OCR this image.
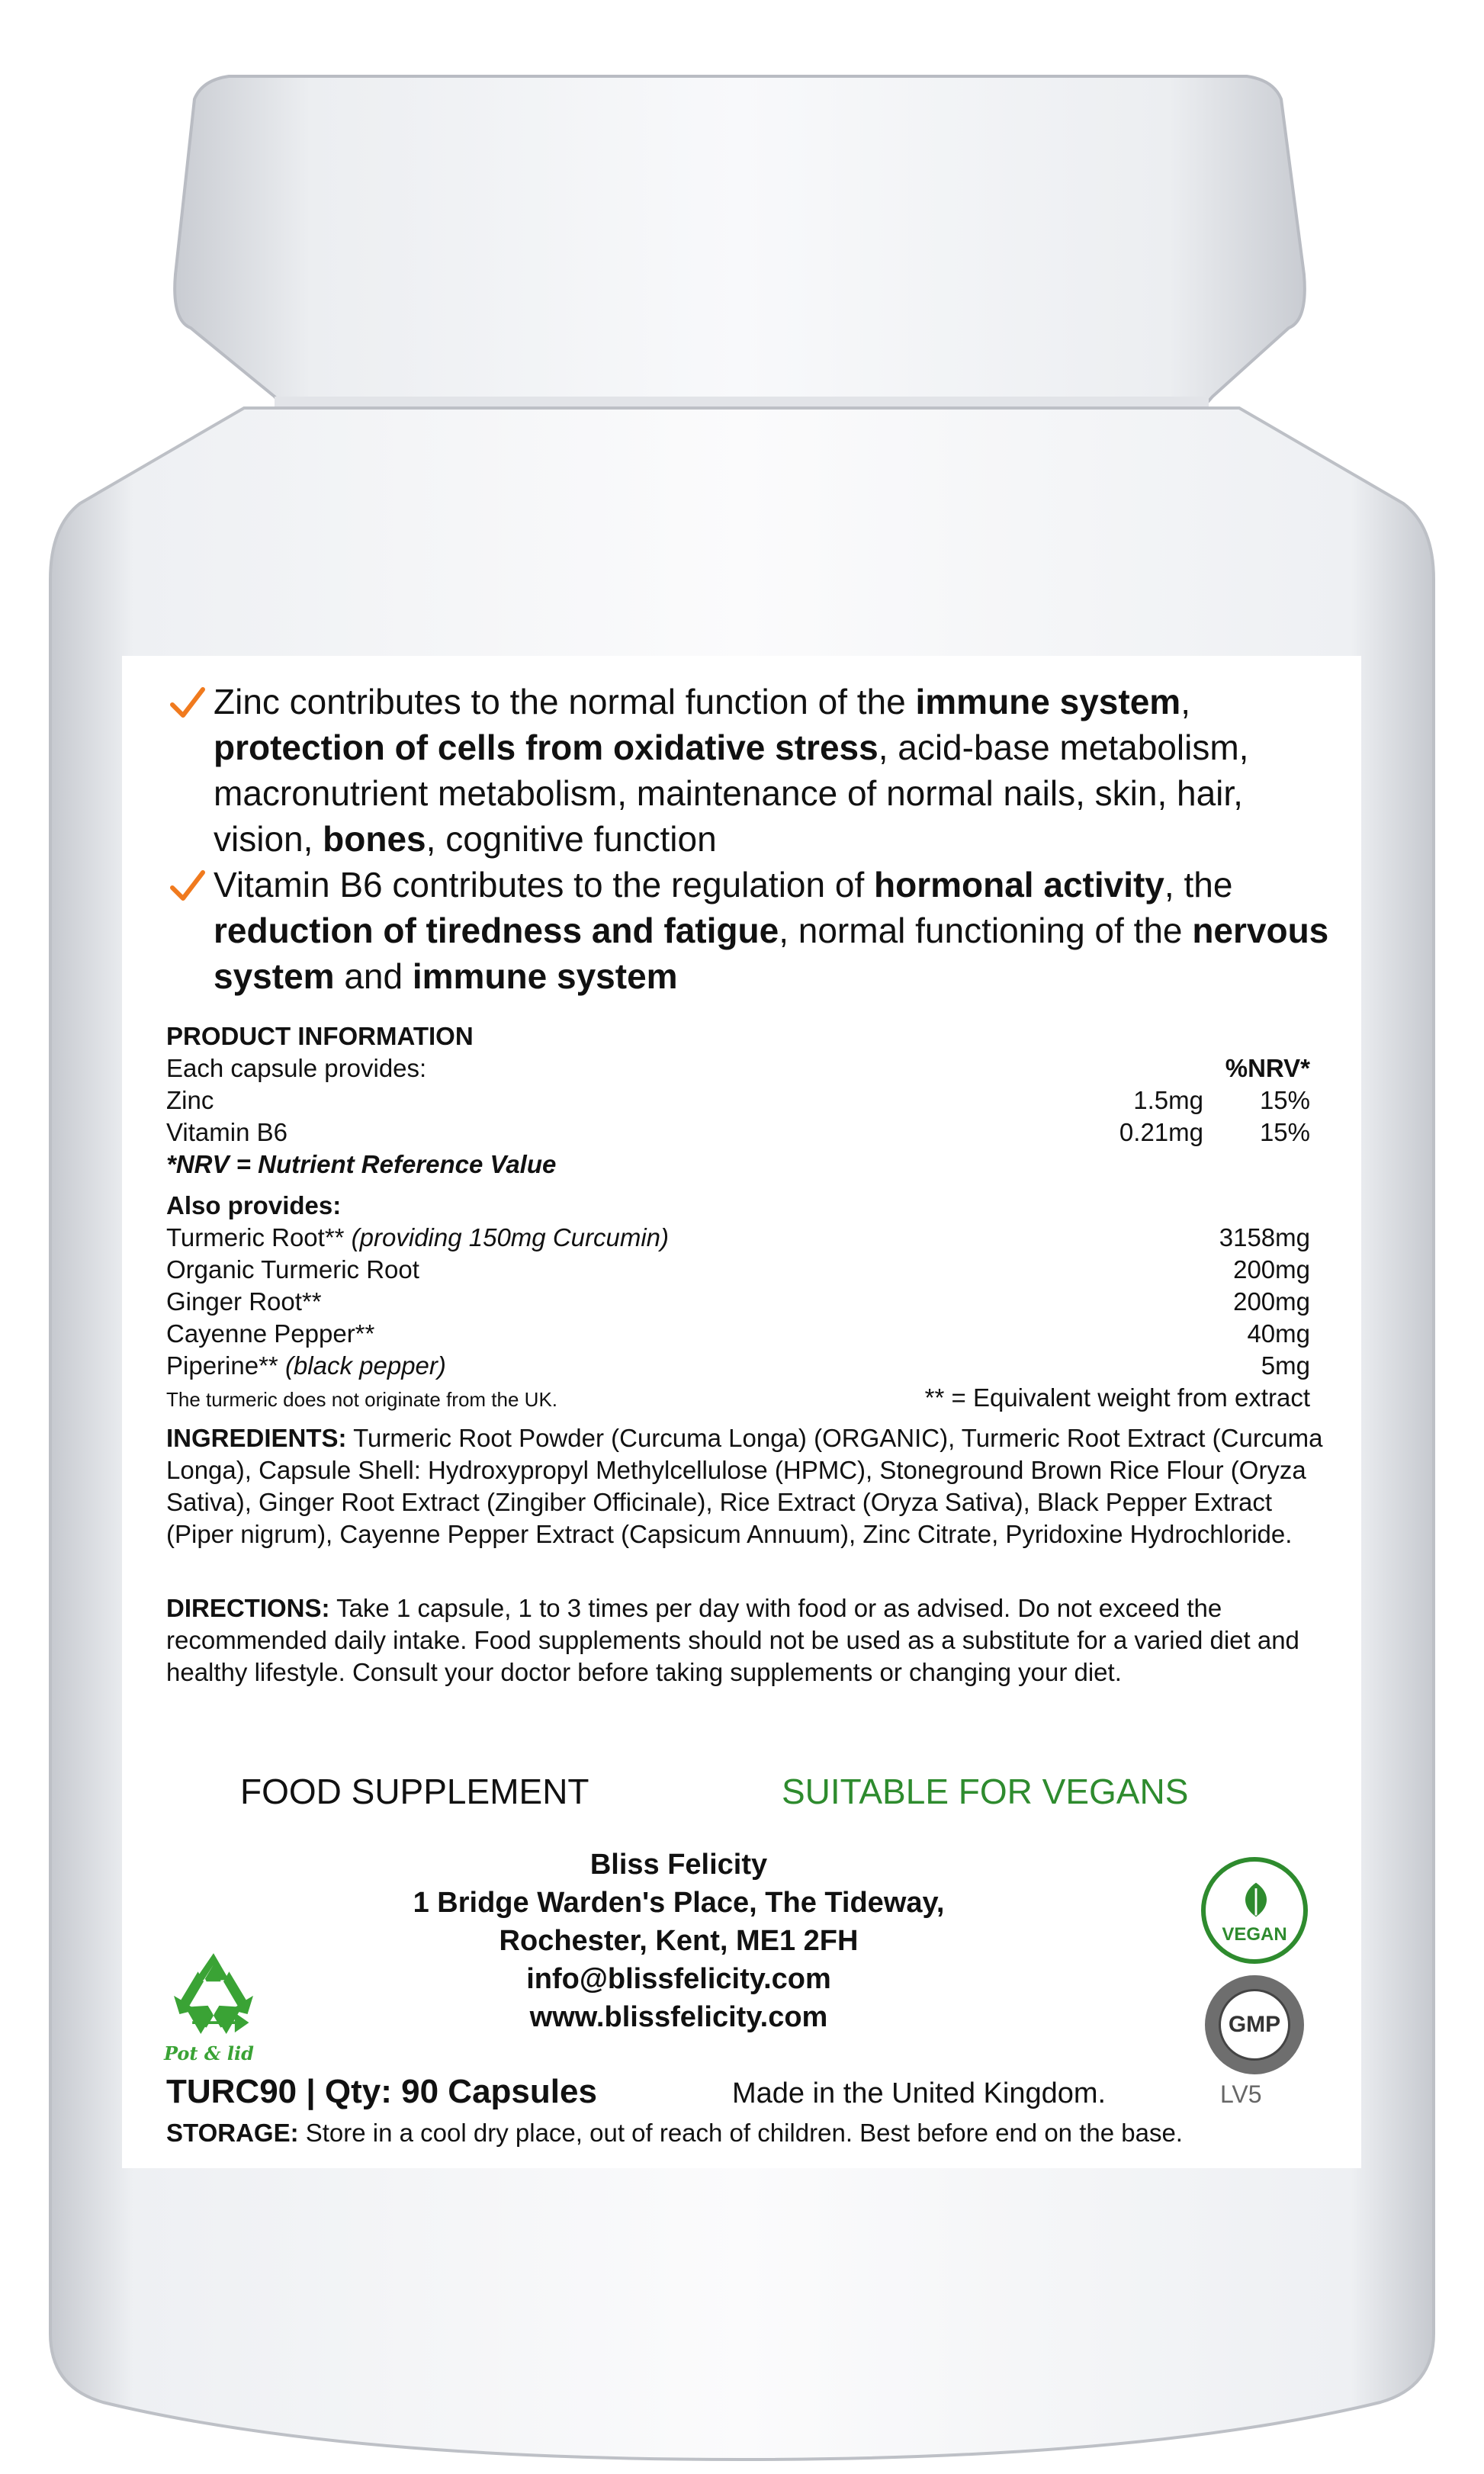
Zinc contributes to the normal function of the immune system, protection of cells from oxidative stress, acid-base metabolism, macronutrient metabolism, maintenance of normal nails, skin, hair, vision, bones, cognitive function
Vitamin B6 contributes to the regulation of hormonal activity, the reduction of tiredness and fatigue, normal functioning of the nervous system and immune system
PRODUCT INFORMATION
Each capsule provides:	%NRV*
Zinc	1.5mg 15%
Vitamin B6	0.21mg 15%
*NRV = Nutrient Reference Value
Also provides:
Turmeric Root** (providing 150mg Curcumin)	3158mg
Organic Turmeric Root	200mg
Ginger Root**	200mg
Cayenne Pepper**	40mg
Piperine** (black pepper)	5mg
The turmeric does not originate from the UK.	** = Equivalent weight from extract
INGREDIENTS: Turmeric Root Powder (Curcuma Longa) (ORGANIC), Turmeric Root Extract (Curcuma Longa), Capsule Shell: Hydroxypropyl Methylcellulose (HPMC), Stoneground Brown Rice Flour (Oryza Sativa), Ginger Root Extract (Zingiber Officinale), Rice Extract (Oryza Sativa), Black Pepper Extract (Piper nigrum), Cayenne Pepper Extract (Capsicum Annuum), Zinc Citrate, Pyridoxine Hydrochloride.
DIRECTIONS: Take 1 capsule, 1 to 3 times per day with food or as advised. Do not exceed the recommended daily intake. Food supplements should not be used as a substitute for a varied diet and healthy lifestyle. Consult your doctor before taking supplements or changing your diet.
FOOD SUPPLEMENT	SUITABLE FOR VEGANS
Bliss Felicity
1 Bridge Warden's Place, The Tideway,
Rochester, Kent, ME1 2FH
info@blissfelicity.com
www.blissfelicity.com
Pot & lid
VEGAN
GMP
TURC90 | Qty: 90 Capsules	Made in the United Kingdom.	LV5
STORAGE: Store in a cool dry place, out of reach of children. Best before end on the base.
